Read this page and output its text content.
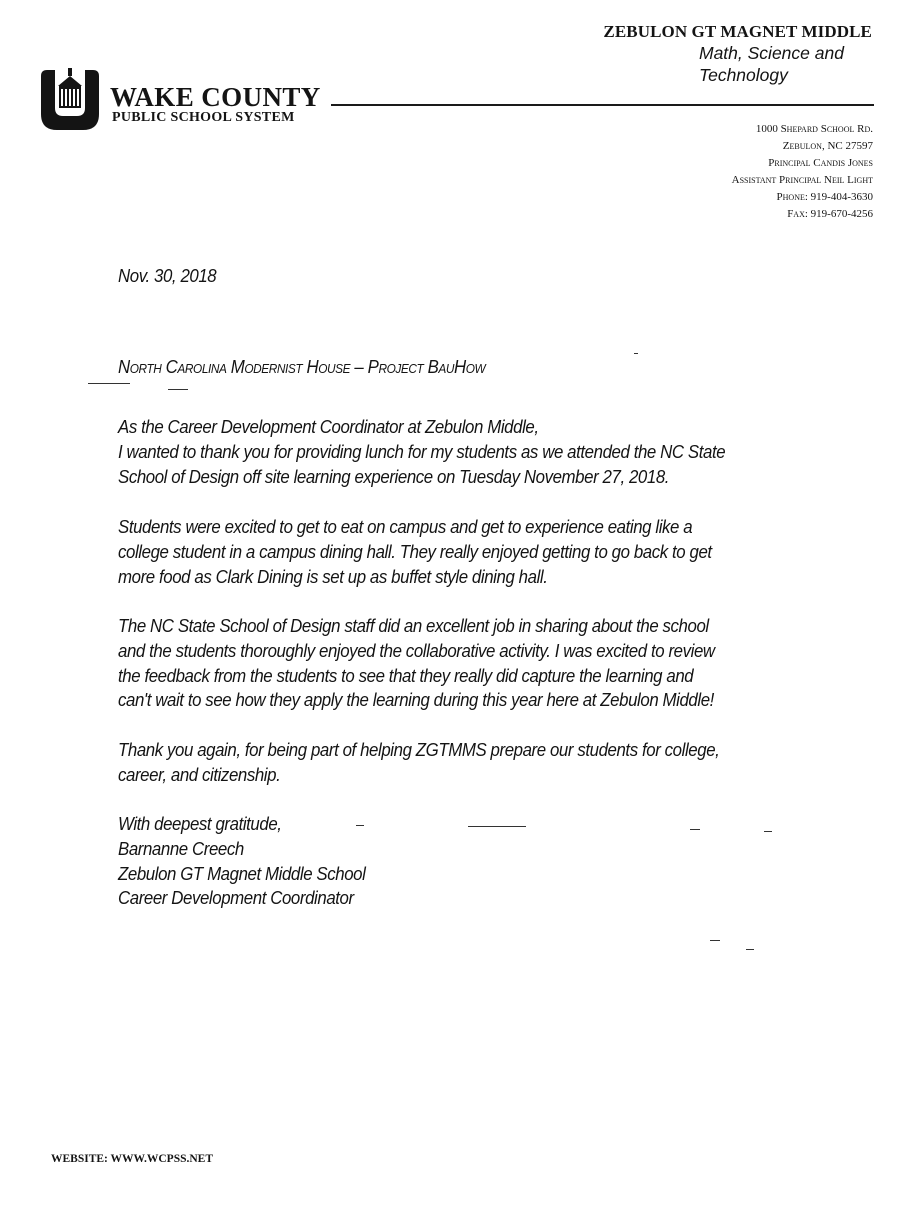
ZEBULON GT MAGNET MIDDLE
Math, Science and
Technology
WAKE COUNTY
PUBLIC SCHOOL SYSTEM
1000 Shepard School Rd.
Zebulon, NC 27597
Principal Candis Jones
Assistant Principal Neil Light
Phone: 919-404-3630
Fax: 919-670-4256
Nov. 30, 2018
North Carolina Modernist House – Project BauHow
As the Career Development Coordinator at Zebulon Middle,
I wanted to thank you for providing lunch for my students as we attended the NC State
School of Design off site learning experience on Tuesday November 27, 2018.
Students were excited to get to eat on campus and get to experience eating like a
college student in a campus dining hall. They really enjoyed getting to go back to get
more food as Clark Dining is set up as buffet style dining hall.
The NC State School of Design staff did an excellent job in sharing about the school
and the students thoroughly enjoyed the collaborative activity. I was excited to review
the feedback from the students to see that they really did capture the learning and
can't wait to see how they apply the learning during this year here at Zebulon Middle!
Thank you again, for being part of helping ZGTMMS prepare our students for college,
career, and citizenship.
With deepest gratitude,
Barnanne Creech
Zebulon GT Magnet Middle School
Career Development Coordinator
WEBSITE: WWW.WCPSS.NET
